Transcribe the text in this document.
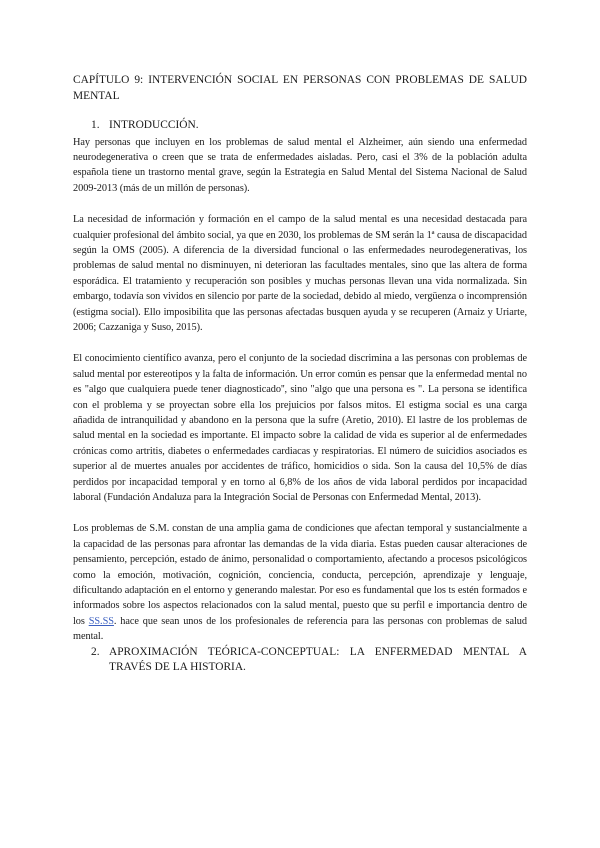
CAPÍTULO 9: INTERVENCIÓN SOCIAL EN PERSONAS CON PROBLEMAS DE SALUD MENTAL
1. INTRODUCCIÓN.

Hay personas que incluyen en los problemas de salud mental el Alzheimer, aún siendo una enfermedad neurodegenerativa o creen que se trata de enfermedades aisladas. Pero, casi el 3% de la población adulta española tiene un trastorno mental grave, según la Estrategia en Salud Mental del Sistema Nacional de Salud 2009-2013 (más de un millón de personas).

La necesidad de información y formación en el campo de la salud mental es una necesidad destacada para cualquier profesional del ámbito social, ya que en 2030, los problemas de SM serán la 1ª causa de discapacidad según la OMS (2005). A diferencia de la diversidad funcional o las enfermedades neurodegenerativas, los problemas de salud mental no disminuyen, ni deterioran las facultades mentales, sino que las altera de forma esporádica. El tratamiento y recuperación son posibles y muchas personas llevan una vida normalizada. Sin embargo, todavía son vividos en silencio por parte de la sociedad, debido al miedo, vergüenza o incomprensión (estigma social). Ello imposibilita que las personas afectadas busquen ayuda y se recuperen (Arnaiz y Uriarte, 2006; Cazzaniga y Suso, 2015).

El conocimiento científico avanza, pero el conjunto de la sociedad discrimina a las personas con problemas de salud mental por estereotipos y la falta de información. Un error común es pensar que la enfermedad mental no es "algo que cualquiera puede tener diagnosticado'', sino "algo que una persona es ". La persona se identifica con el problema y se proyectan sobre ella los prejuicios por falsos mitos. El estigma social es una carga añadida de intranquilidad y abandono en la persona que la sufre (Aretio, 2010). El lastre de los problemas de salud mental en la sociedad es importante. El impacto sobre la calidad de vida es superior al de enfermedades crónicas como artritis, diabetes o enfermedades cardiacas y respiratorias. El número de suicidios asociados es superior al de muertes anuales por accidentes de tráfico, homicidios o sida. Son la causa del 10,5% de días perdidos por incapacidad temporal y en torno al 6,8% de los años de vida laboral perdidos por incapacidad laboral (Fundación Andaluza para la Integración Social de Personas con Enfermedad Mental, 2013).

Los problemas de S.M. constan de una amplia gama de condiciones que afectan temporal y sustancialmente a la capacidad de las personas para afrontar las demandas de la vida diaria. Estas pueden causar alteraciones de pensamiento, percepción, estado de ánimo, personalidad o comportamiento, afectando a procesos psicológicos como la emoción, motivación, cognición, conciencia, conducta, percepción, aprendizaje y lenguaje, dificultando adaptación en el entorno y generando malestar. Por eso es fundamental que los ts estén formados e informados sobre los aspectos relacionados con la salud mental, puesto que su perfil e importancia dentro de los SS.SS. hace que sean unos de los profesionales de referencia para las personas con problemas de salud mental.

2. APROXIMACIÓN TEÓRICA-CONCEPTUAL: LA ENFERMEDAD MENTAL A TRAVÉS DE LA HISTORIA.
